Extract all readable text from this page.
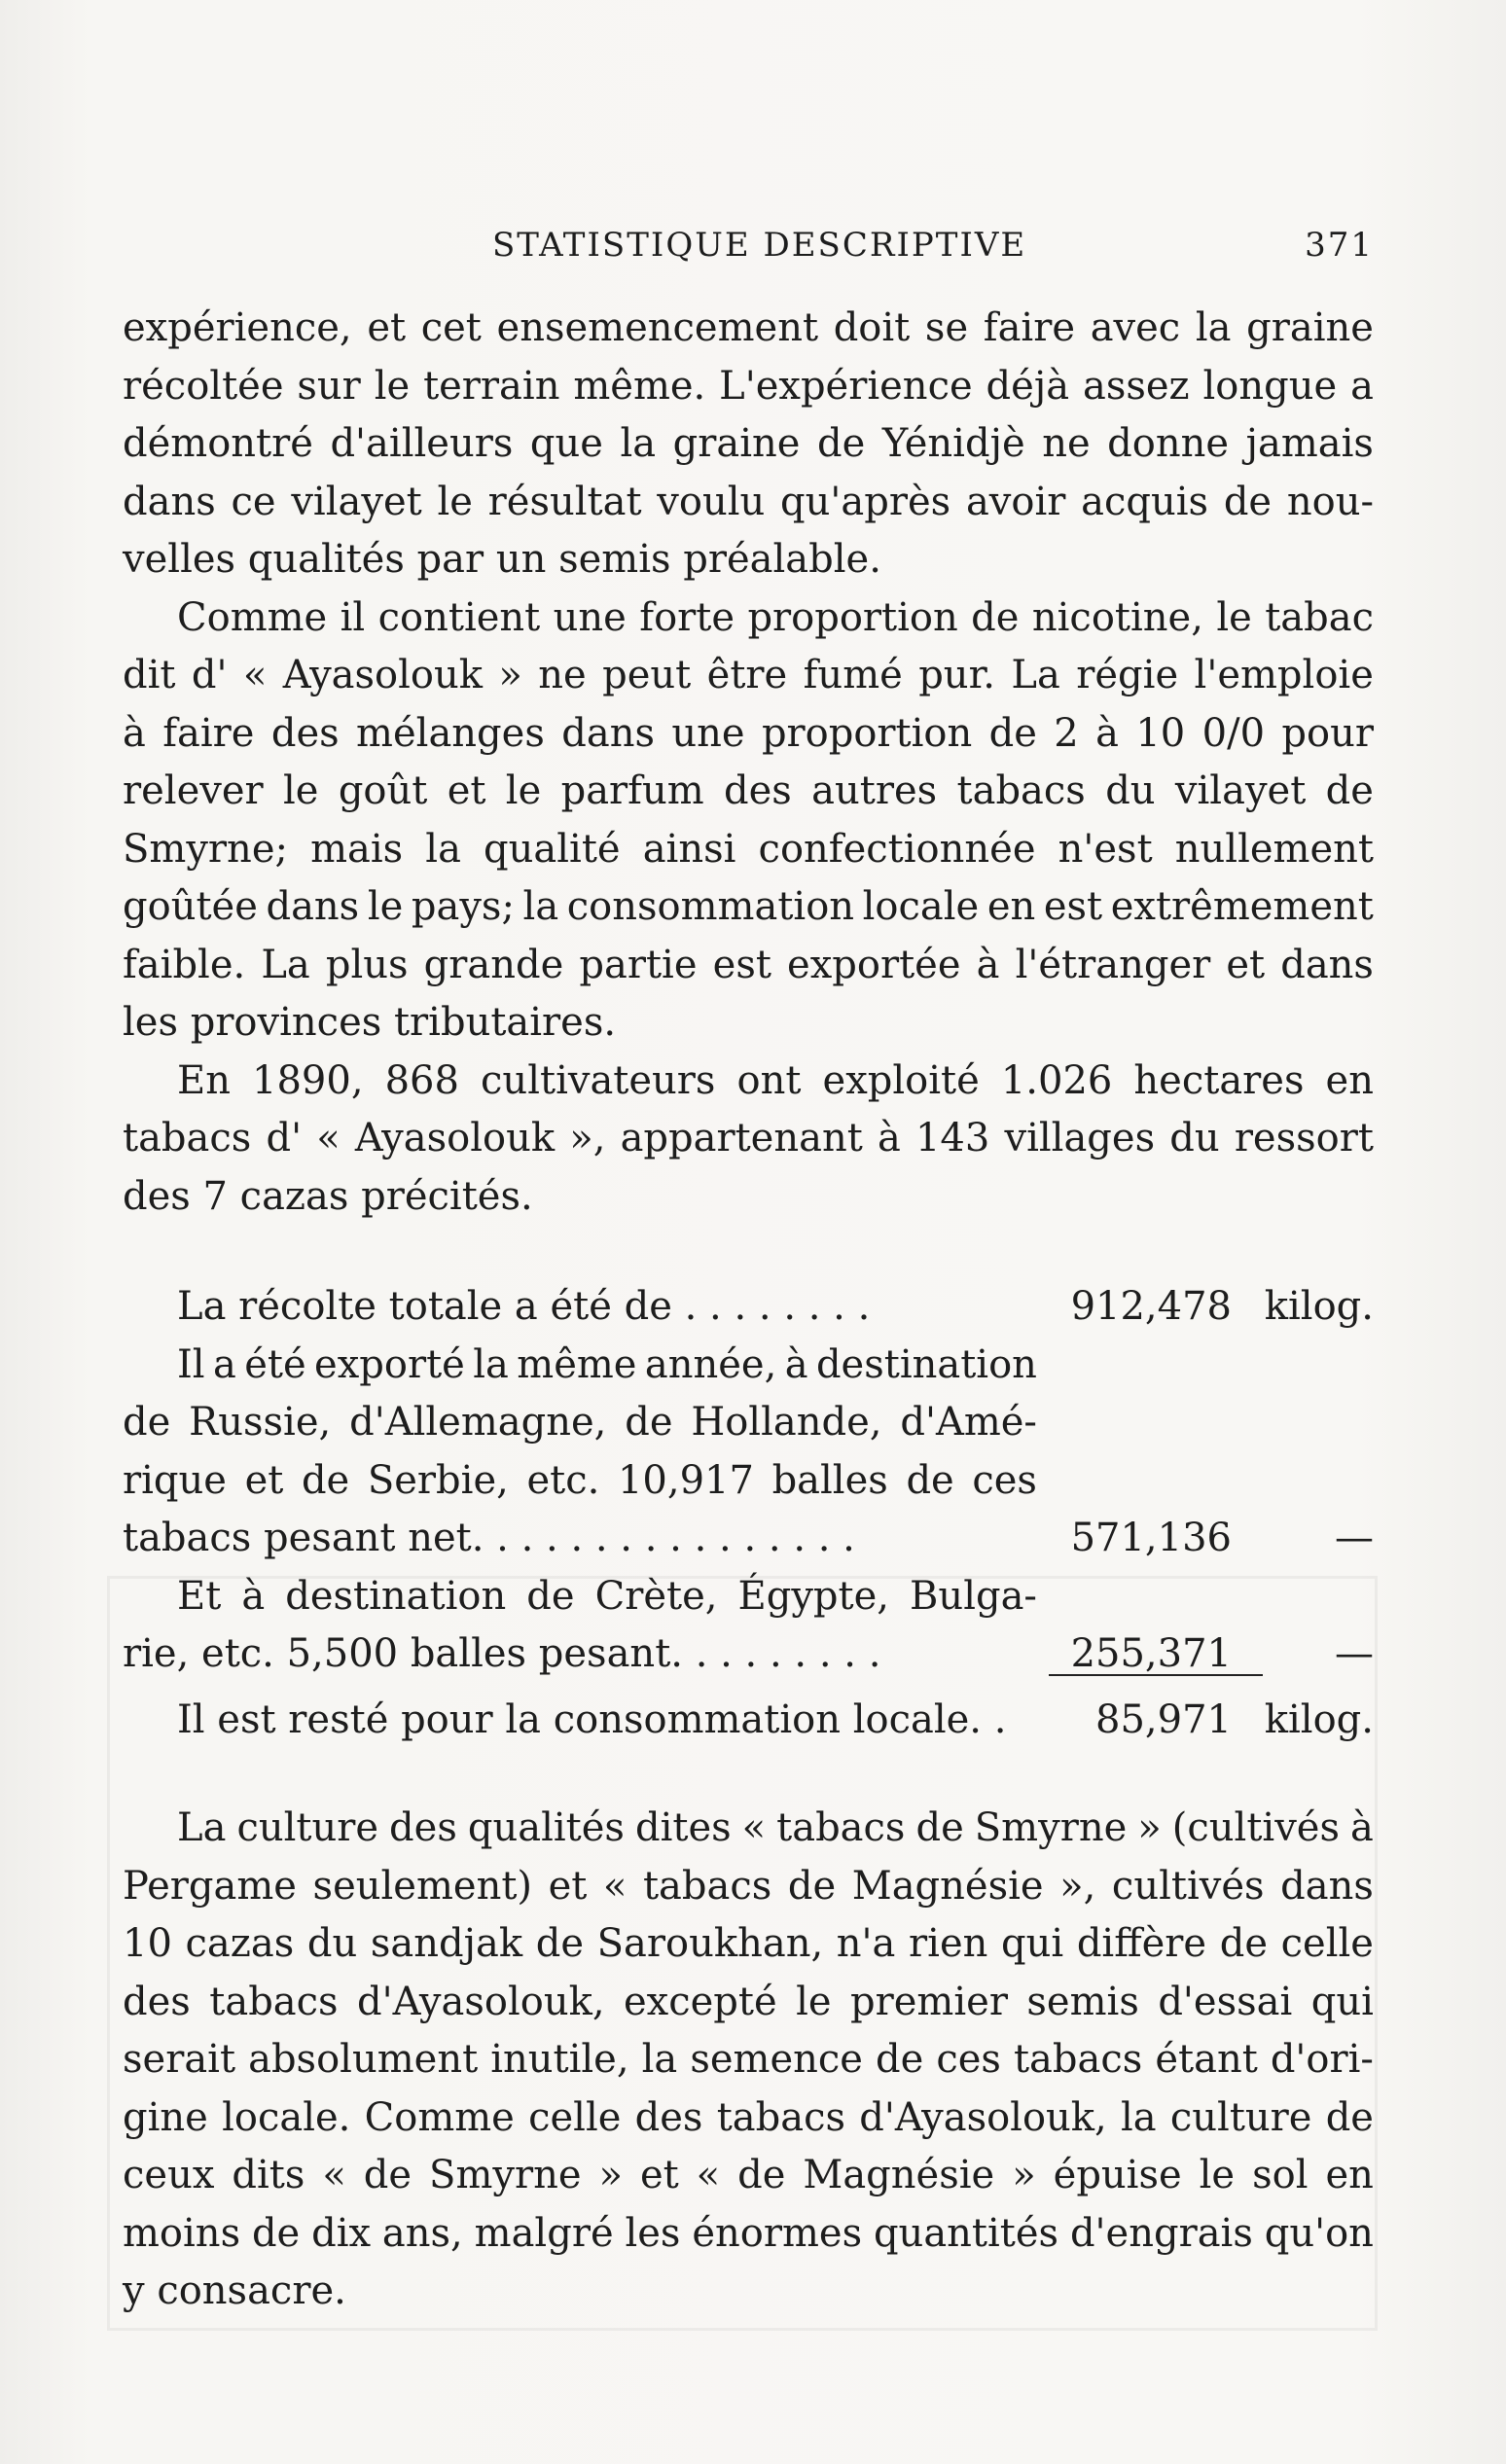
STATISTIQUE DESCRIPTIVE	371
expérience, et cet ensemencement doit se faire avec la graine
récoltée sur le terrain même. L'expérience déjà assez longue a
démontré d'ailleurs que la graine de Yénidjè ne donne jamais
dans ce vilayet le résultat voulu qu'après avoir acquis de nou-
velles qualités par un semis préalable.
Comme il contient une forte proportion de nicotine, le tabac
dit d' « Ayasolouk » ne peut être fumé pur. La régie l'emploie
à faire des mélanges dans une proportion de 2 à 10 0/0 pour
relever le goût et le parfum des autres tabacs du vilayet de
Smyrne; mais la qualité ainsi confectionnée n'est nullement
goûtée dans le pays; la consommation locale en est extrêmement
faible. La plus grande partie est exportée à l'étranger et dans
les provinces tributaires.
En 1890, 868 cultivateurs ont exploité 1.026 hectares en
tabacs d' « Ayasolouk », appartenant à 143 villages du ressort
des 7 cazas précités.
La récolte totale a été de . . . . . . . .	912,478 kilog.
Il a été exporté la même année, à destination
de Russie, d'Allemagne, de Hollande, d'Amé-
rique et de Serbie, etc. 10,917 balles de ces
tabacs pesant net. . . . . . . . . . . . . . . .	571,136	—
Et à destination de Crète, Égypte, Bulga-
rie, etc. 5,500 balles pesant. . . . . . . . .	255,371	—
Il est resté pour la consommation locale. .	85,971 kilog.
La culture des qualités dites « tabacs de Smyrne » (cultivés à
Pergame seulement) et « tabacs de Magnésie », cultivés dans
10 cazas du sandjak de Saroukhan, n'a rien qui diffère de celle
des tabacs d'Ayasolouk, excepté le premier semis d'essai qui
serait absolument inutile, la semence de ces tabacs étant d'ori-
gine locale. Comme celle des tabacs d'Ayasolouk, la culture de
ceux dits « de Smyrne » et « de Magnésie » épuise le sol en
moins de dix ans, malgré les énormes quantités d'engrais qu'on
y consacre.
